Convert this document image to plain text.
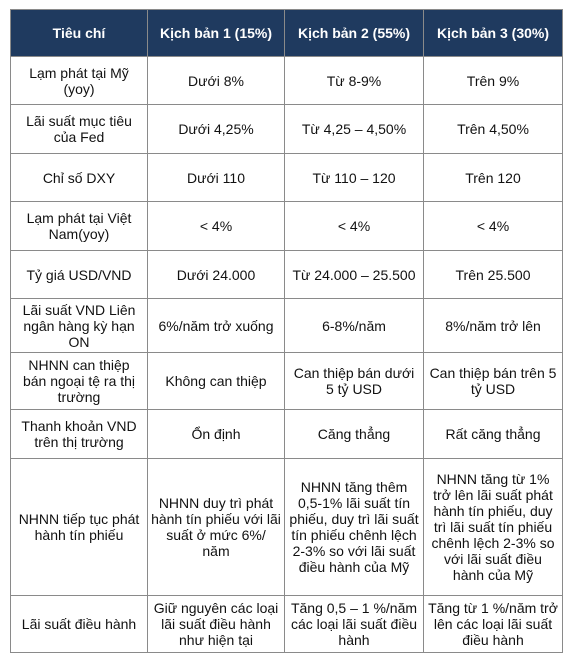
Tiêu chí	Kịch bản 1 (15%)	Kịch bản 2 (55%)	Kịch bản 3 (30%)
Lạm phát tại Mỹ (yoy)	Dưới 8%	Từ 8-9%	Trên 9%
Lãi suất mục tiêu của Fed	Dưới 4,25%	Từ 4,25 – 4,50%	Trên 4,50%
Chỉ số DXY	Dưới 110	Từ 110 – 120	Trên 120
Lạm phát tại Việt Nam(yoy)	< 4%	< 4%	< 4%
Tỷ giá USD/VND	Dưới 24.000	Từ 24.000 – 25.500	Trên 25.500
Lãi suất VND Liên ngân hàng kỳ hạn ON	6%/năm trở xuống	6-8%/năm	8%/năm trở lên
NHNN can thiệp bán ngoại tệ ra thị trường	Không can thiệp	Can thiệp bán dưới 5 tỷ USD	Can thiệp bán trên 5 tỷ USD
Thanh khoản VND trên thị trường	Ổn định	Căng thẳng	Rất căng thẳng
NHNN tiếp tục phát hành tín phiếu	NHNN duy trì phát hành tín phiếu với lãi suất ở mức 6%/ năm	NHNN tăng thêm 0,5-1% lãi suất tín phiếu, duy trì lãi suất tín phiếu chênh lệch 2-3% so với lãi suất điều hành của Mỹ	NHNN tăng từ 1% trở lên lãi suất phát hành tín phiếu, duy trì lãi suất tín phiếu chênh lệch 2-3% so với lãi suất điều hành của Mỹ
Lãi suất điều hành	Giữ nguyên các loại lãi suất điều hành như hiện tại	Tăng 0,5 – 1 %/năm các loại lãi suất điều hành	Tăng từ 1 %/năm trở lên các loại lãi suất điều hành
